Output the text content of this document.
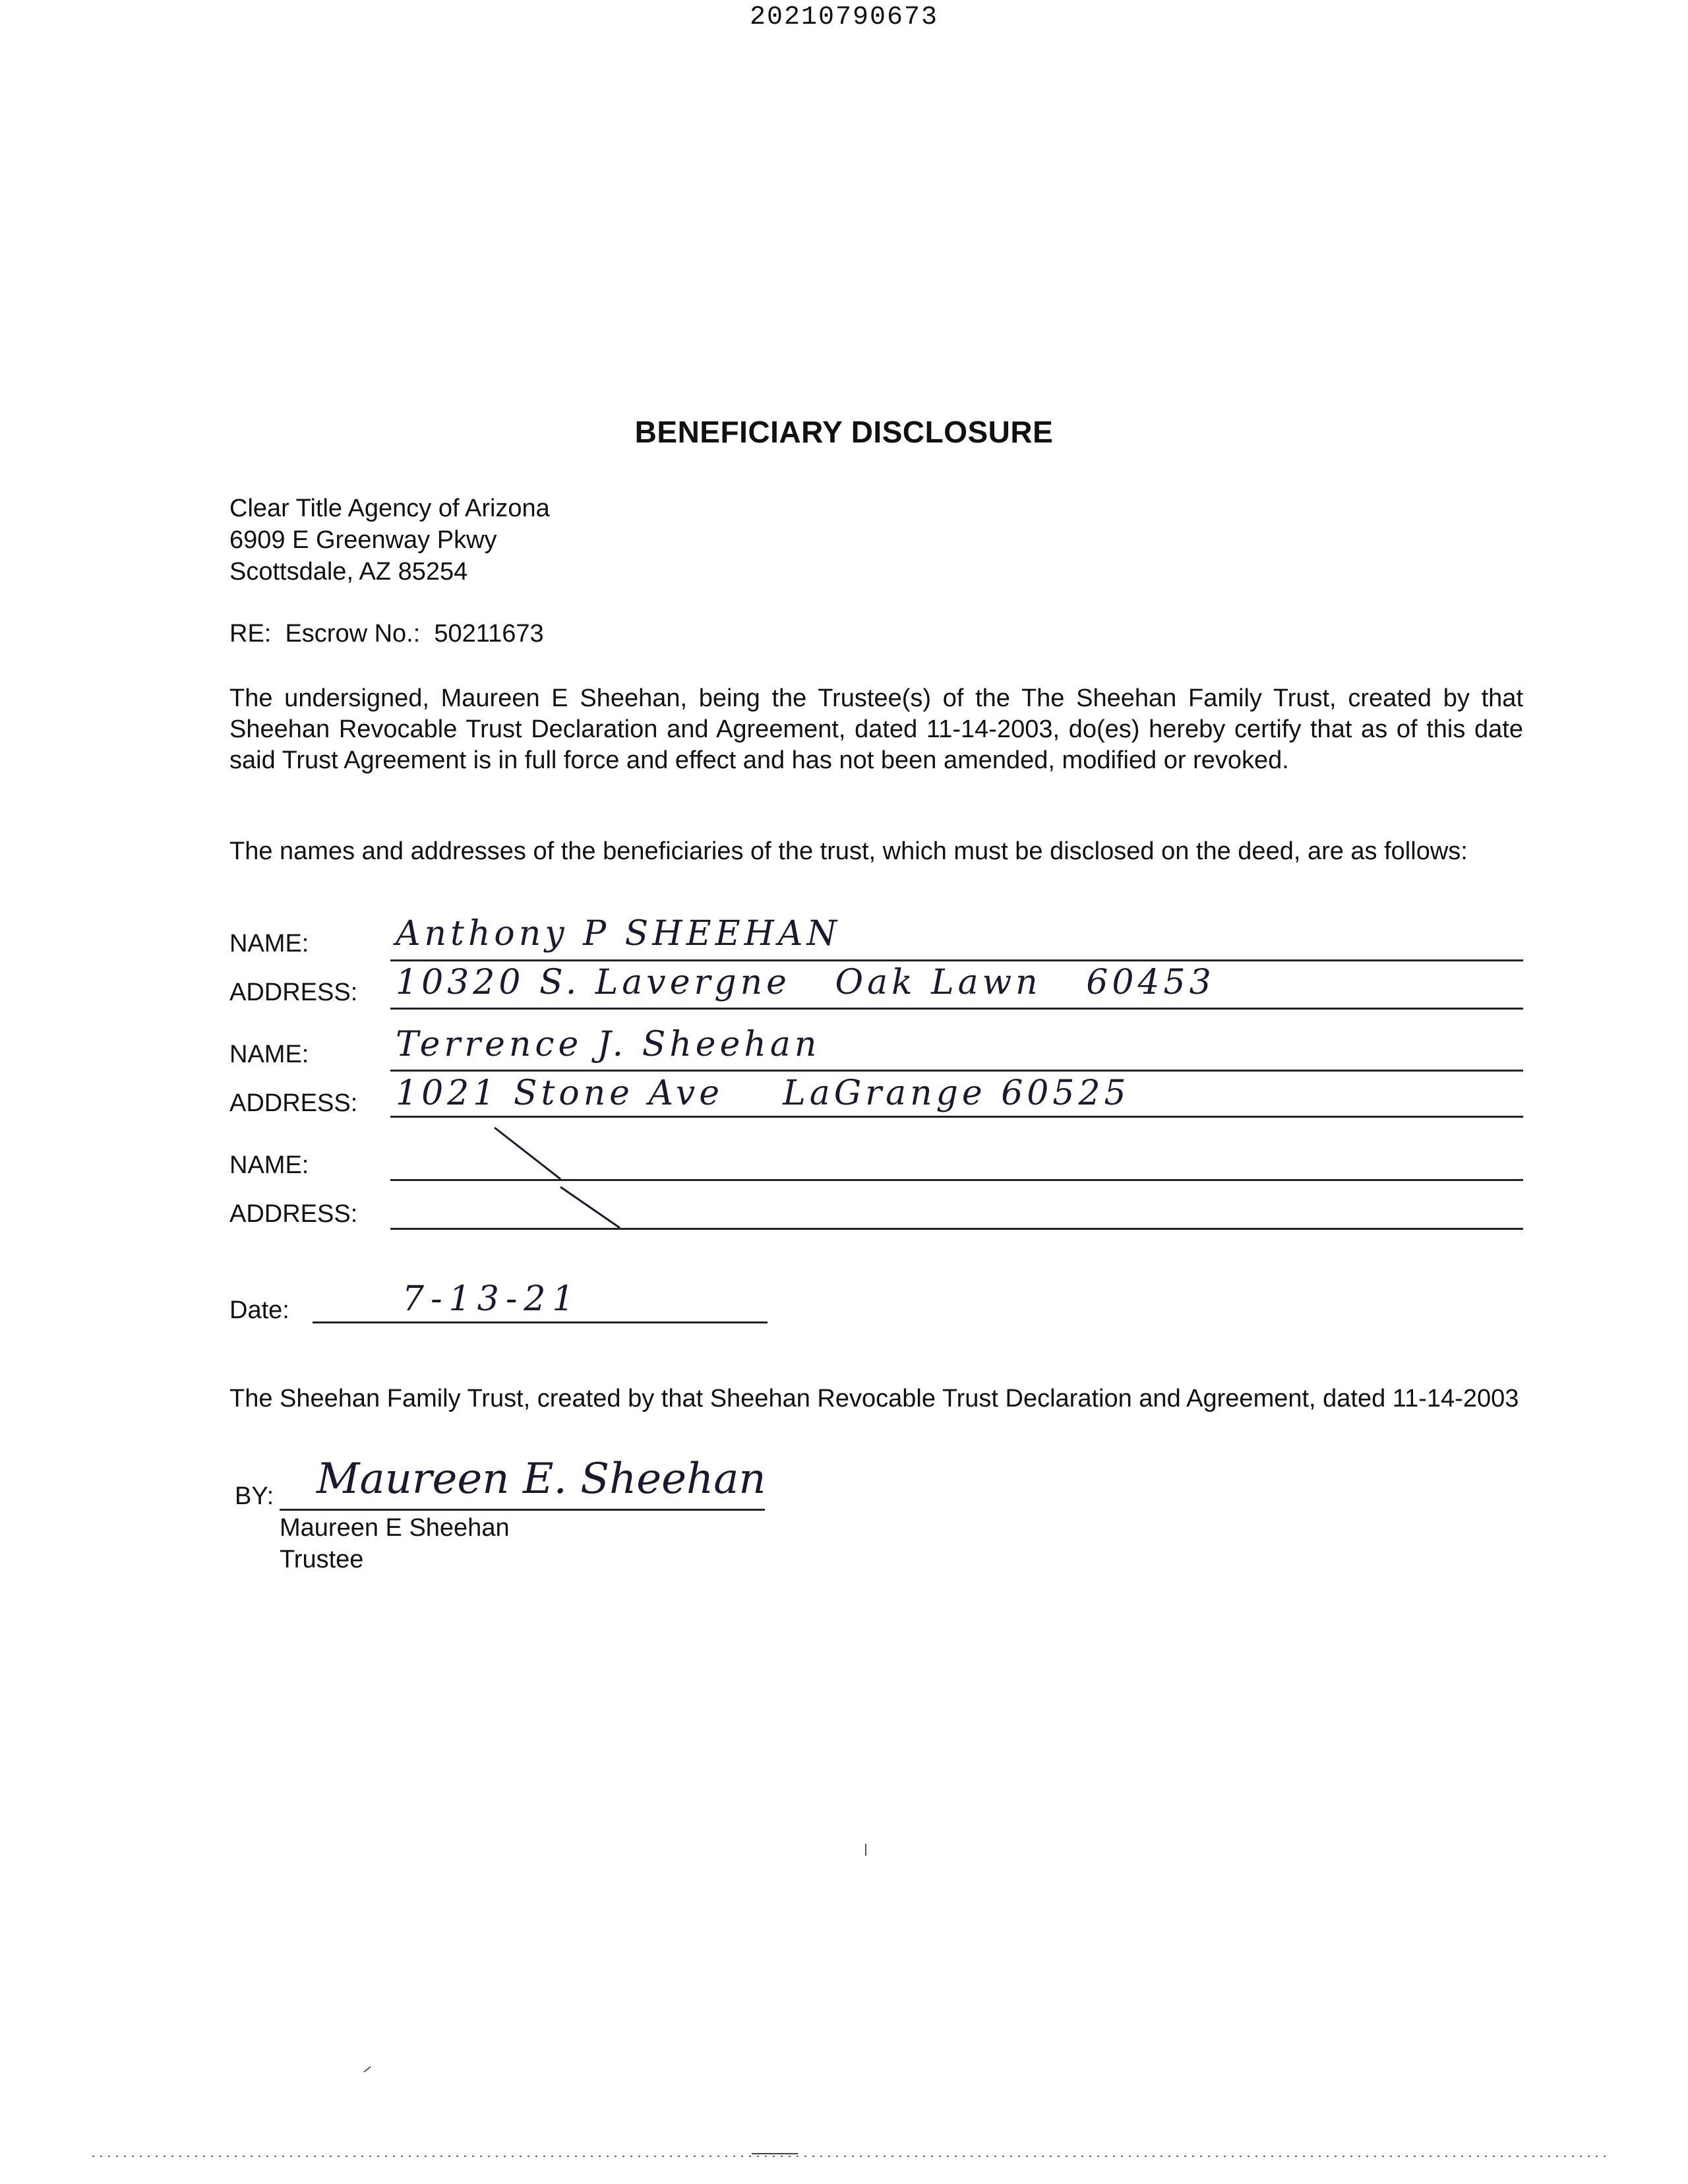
20210790673
BENEFICIARY DISCLOSURE
Clear Title Agency of Arizona
6909 E Greenway Pkwy
Scottsdale, AZ 85254
RE:  Escrow No.:  50211673
The undersigned, Maureen E Sheehan, being the Trustee(s) of the The Sheehan Family Trust, created by that Sheehan Revocable Trust Declaration and Agreement, dated 11-14-2003, do(es) hereby certify that as of this date said Trust Agreement is in full force and effect and has not been amended, modified or revoked.
The names and addresses of the beneficiaries of the trust, which must be disclosed on the deed, are as follows:
NAME:	Anthony P SHEEHAN
ADDRESS: 10320 S. Lavergne   Oak Lawn   60453
NAME:	Terrence J. Sheehan
ADDRESS: 1021 Stone Ave    LaGrange 60525
NAME:
ADDRESS:
Date:	7-13-21
The Sheehan Family Trust, created by that Sheehan Revocable Trust Declaration and Agreement, dated 11-14-2003
BY: Maureen E. Sheehan
Maureen E Sheehan
Trustee
